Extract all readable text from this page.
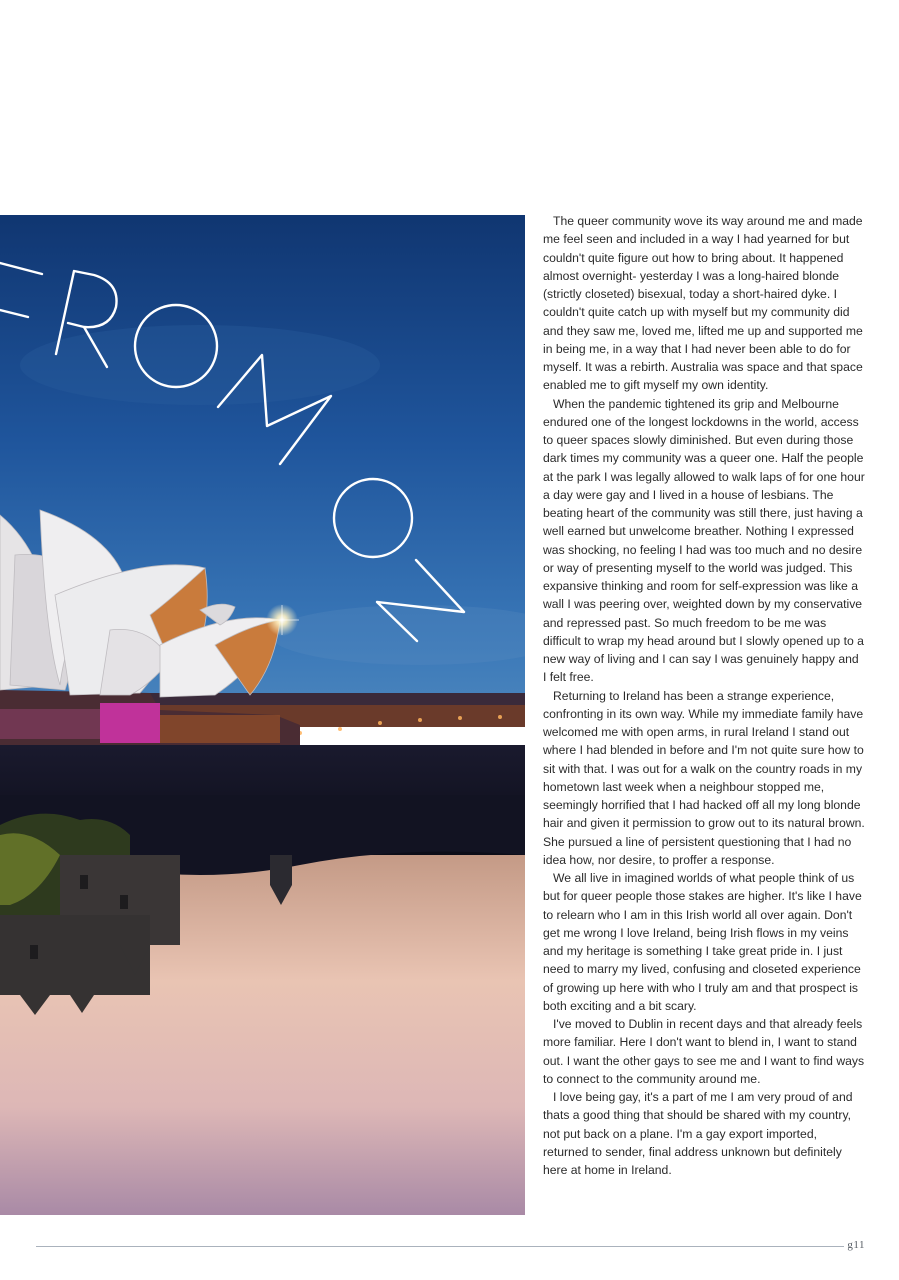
The queer community wove its way around me and made me feel seen and included in a way I had yearned for but couldn't quite figure out how to bring about. It happened almost overnight- yesterday I was a long-haired blonde (strictly closeted) bisexual, today a short-haired dyke. I couldn't quite catch up with myself but my community did and they saw me, loved me, lifted me up and supported me in being me, in a way that I had never been able to do for myself. It was a rebirth. Australia was space and that space enabled me to gift myself my own identity.

When the pandemic tightened its grip and Melbourne endured one of the longest lockdowns in the world, access to queer spaces slowly diminished. But even during those dark times my community was a queer one. Half the people at the park I was legally allowed to walk laps of for one hour a day were gay and I lived in a house of lesbians. The beating heart of the community was still there, just having a well earned but unwelcome breather. Nothing I expressed was shocking, no feeling I had was too much and no desire or way of presenting myself to the world was judged. This expansive thinking and room for self-expression was like a wall I was peering over, weighted down by my conservative and repressed past. So much freedom to be me was difficult to wrap my head around but I slowly opened up to a new way of living and I can say I was genuinely happy and I felt free.

Returning to Ireland has been a strange experience, confronting in its own way. While my immediate family have welcomed me with open arms, in rural Ireland I stand out where I had blended in before and I'm not quite sure how to sit with that. I was out for a walk on the country roads in my hometown last week when a neighbour stopped me, seemingly horrified that I had hacked off all my long blonde hair and given it permission to grow out to its natural brown. She pursued a line of persistent questioning that I had no idea how, nor desire, to proffer a response.

We all live in imagined worlds of what people think of us but for queer people those stakes are higher. It's like I have to relearn who I am in this Irish world all over again. Don't get me wrong I love Ireland, being Irish flows in my veins and my heritage is something I take great pride in. I just need to marry my lived, confusing and closeted experience of growing up here with who I truly am and that prospect is both exciting and a bit scary.

I've moved to Dublin in recent days and that already feels more familiar. Here I don't want to blend in, I want to stand out. I want the other gays to see me and I want to find ways to connect to the community around me.

I love being gay, it's a part of me I am very proud of and thats a good thing that should be shared with my country, not put back on a plane. I'm a gay export imported, returned to sender, final address unknown but definitely here at home in Ireland.

g11
